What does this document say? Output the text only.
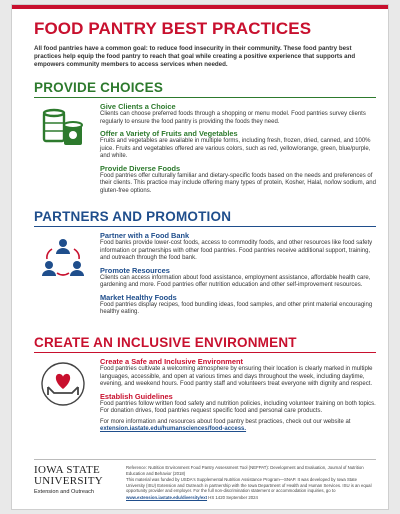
FOOD PANTRY BEST PRACTICES
All food pantries have a common goal: to reduce food insecurity in their community. These food pantry best practices help equip the food pantry to reach that goal while creating a positive experience that supports and empowers community members to access services when needed.
PROVIDE CHOICES
Give Clients a Choice
Clients can choose preferred foods through a shopping or menu model. Food pantries survey clients regularly to ensure the food pantry is providing the foods they need.
Offer a Variety of Fruits and Vegetables
Fruits and vegetables are available in multiple forms, including fresh, frozen, dried, canned, and 100% juice. Fruits and vegetables offered are various colors, such as red, yellow/orange, green, blue/purple, and white.
Provide Diverse Foods
Food pantries offer culturally familiar and dietary-specific foods based on the needs and preferences of their clients. This practice may include offering many types of protein, Kosher, Halal, no/low sodium, and gluten-free options.
PARTNERS AND PROMOTION
Partner with a Food Bank
Food banks provide lower-cost foods, access to commodity foods, and other resources like food safety information or partnerships with other food pantries. Food pantries receive additional support, training, and outreach through the food bank.
Promote Resources
Clients can access information about food assistance, employment assistance, affordable health care, gardening and more. Food pantries offer nutrition education and other self-improvement resources.
Market Healthy Foods
Food pantries display recipes, food bundling ideas, food samples, and other print material encouraging healthy eating.
CREATE AN INCLUSIVE ENVIRONMENT
Create a Safe and Inclusive Environment
Food pantries cultivate a welcoming atmosphere by ensuring their location is clearly marked in multiple languages, accessible, and open at various times and days throughout the week, including daytime, evening, and weekend hours. Food pantry staff and volunteers treat everyone with dignity and respect.
Establish Guidelines
Food pantries follow written food safety and nutrition policies, including volunteer training on both topics. For donation drives, food pantries request specific food and personal care products.
For more information and resources about food pantry best practices, check out our website at extension.iastate.edu/humansciences/food-access.
IOWA STATE
UNIVERSITY
Extension and Outreach

Reference: Nutrition Environment Food Pantry Assessment Tool (NEFPAT): Development and Evaluation, Journal of Nutrition Education and Behavior (2018)

This material was funded by USDA's Supplemental Nutrition Assistance Program—SNAP. It was developed by Iowa State University (ISU) Extension and Outreach in partnership with the Iowa Department of Health and Human Services. ISU is an equal opportunity provider and employer. For the full non-discrimination statement or accommodation inquiries, go to

www.extension.iastate.edu/diversity/ext HS 1420 September 2024
